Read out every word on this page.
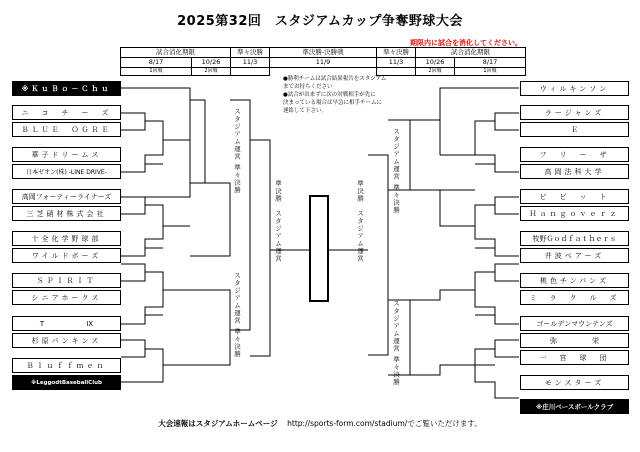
2025第32回　スタジアムカップ争奪野球大会
期限内に試合を消化してください。
試合消化期限		準々決勝	準決勝-決勝戦	準々決勝	試合消化期限	
8/17	10/26	11/3	11/9	11/3	10/26	8/17
1回戦	2回戦				2回戦	1回戦
※ＫｕＢｏ－Ｃｈｕ
ニ　コ　チ　ー　ズ
ＢＬＵＥ　ＯＧＲＥ
華子ドリームス
日本ゼオン(株) -LINE DRIVE-
高岡フォーティーライナーズ
三芝硝材株式会社
十全化学野球部
ワイルドボーズ
ＳＰＩＲＩＴ
シニアホークス
T　　　　　　IX
杉原パンキンス
Ｂｌｕｆｆｍｅｎ
※LeggodtBaseballClub
ウィルキンソン
ラージャンズ
Ｅ
フ　リ　ー　ザ
高岡法科大学
ビ　ビ　ッ　ト
Ｈａｎｇｏｖｅｒｚ
牧野Ｇｏｄｆａｔｈｅｒｓ
井波ベアーズ
桃色チンパンズ
ミ　ラ　ク　ル　ズ
ゴールデンマウンテンズ
弥　　　　　栄
一　宮　球　団
モンスターズ
※庄川ベースボールクラブ
スタジアム運営 準々決勝
スタジアム運営 準々決勝
準決勝　スタジアム運営	準決勝　スタジアム運営
スタジアム運営 準々決勝
スタジアム運営 準々決勝
●勝利チームは試合結果報告をスタジアム
までお持ちください
●試合が出来ずに次の対戦相手が先に
決まっている場合は早急に相手チームに
連絡して下さい。
大会速報はスタジアムホームページ http://sports-form.com/stadium/でご覧いただけます。
